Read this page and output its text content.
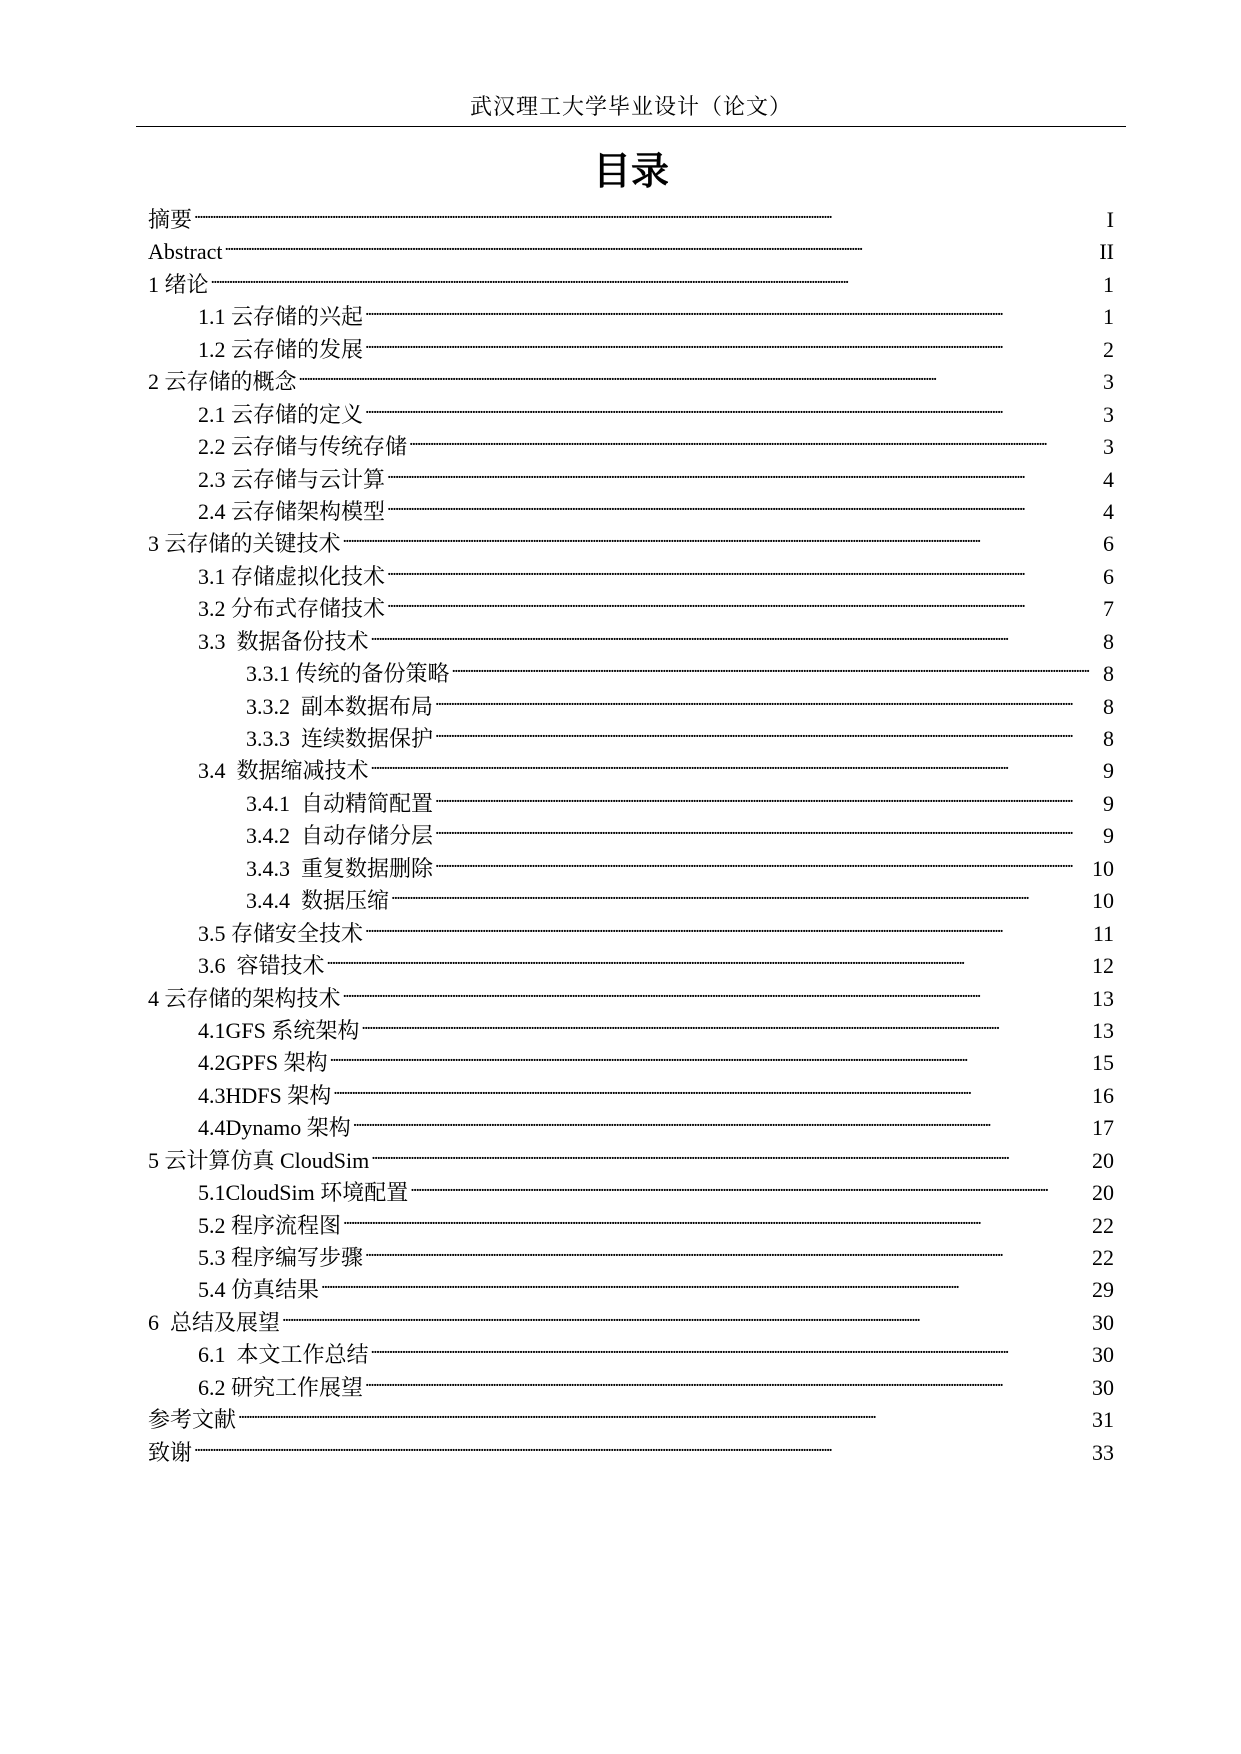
武汉理工大学毕业设计（论文）
目录
摘要 . . .	I
Abstract . . .	II
1 绪论 . . .	1
1.1 云存储的兴起 . . .	1
1.2 云存储的发展 . . .	2
2 云存储的概念 . . .	3
2.1 云存储的定义 . . .	3
2.2 云存储与传统存储 . . .	3
2.3 云存储与云计算 . . .	4
2.4 云存储架构模型 . . .	4
3 云存储的关键技术 . . .	6
3.1 存储虚拟化技术 . . .	6
3.2 分布式存储技术 . . .	7
3.3  数据备份技术 . . .	8
3.3.1 传统的备份策略 . . .	8
3.3.2  副本数据布局 . . .	8
3.3.3  连续数据保护 . . .	8
3.4  数据缩减技术 . . .	9
3.4.1  自动精简配置 . . .	9
3.4.2  自动存储分层 . . .	9
3.4.3  重复数据删除 . . .	10
3.4.4  数据压缩 . . .	10
3.5 存储安全技术 . . .	11
3.6  容错技术 . . .	12
4 云存储的架构技术 . . .	13
4.1GFS 系统架构 . . .	13
4.2GPFS 架构 . . .	15
4.3HDFS 架构 . . .	16
4.4Dynamo 架构 . . .	17
5 云计算仿真 CloudSim . . .	20
5.1CloudSim 环境配置 . . .	20
5.2 程序流程图 . . .	22
5.3 程序编写步骤 . . .	22
5.4 仿真结果 . . .	29
6  总结及展望 . . .	30
6.1  本文工作总结 . . .	30
6.2 研究工作展望 . . .	30
参考文献 . . .	31
致谢 . . .	33
